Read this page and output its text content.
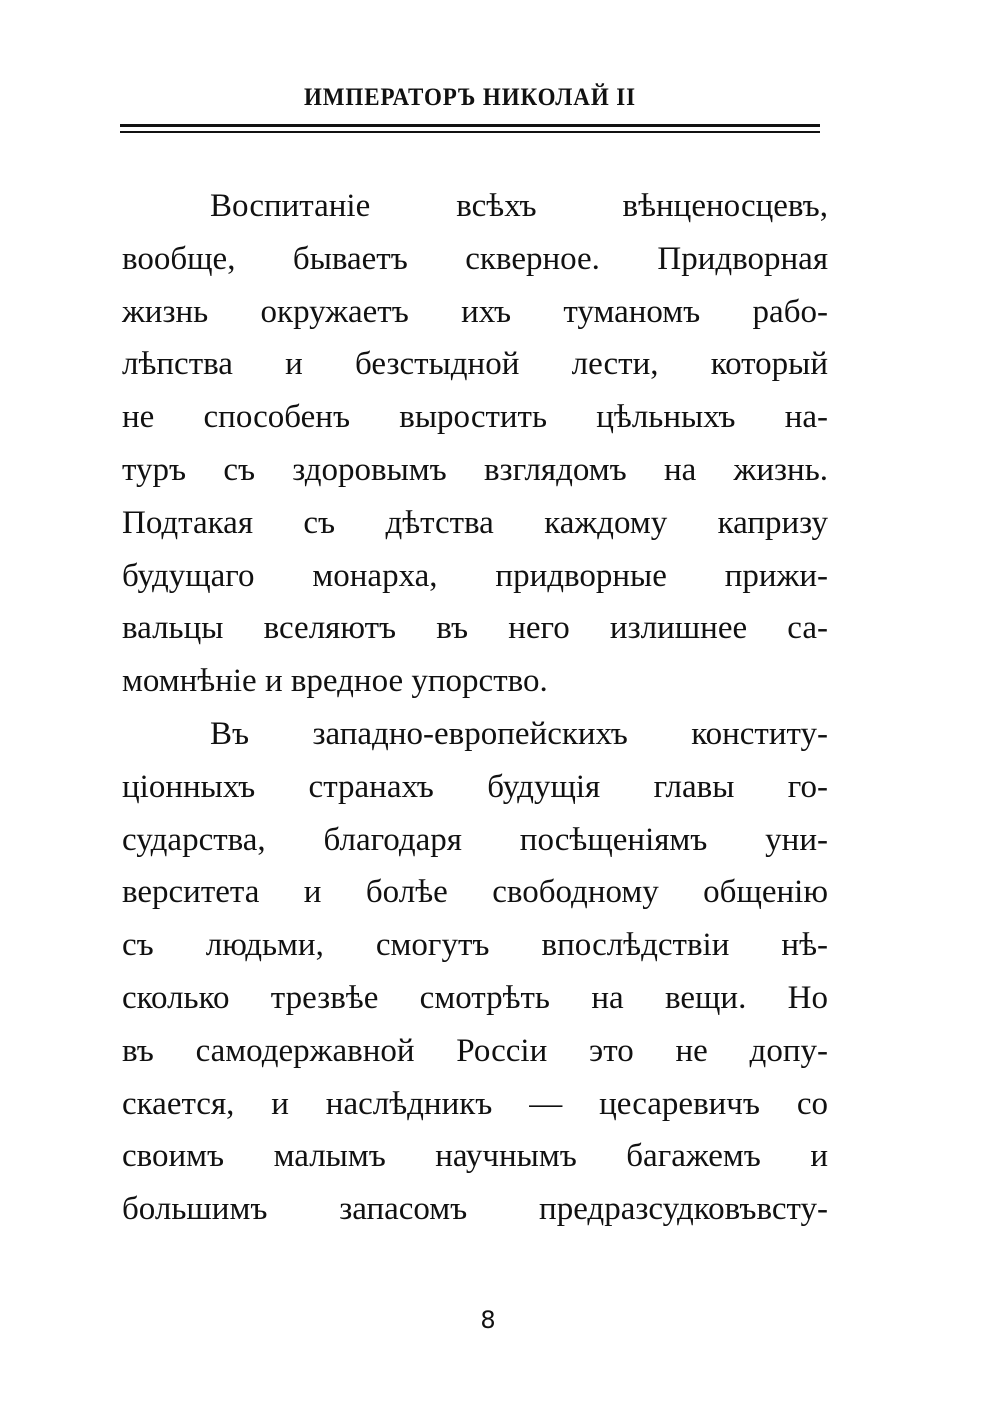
ИМПЕРАТОРЪ НИКОЛАЙ II
Воспитанiе всѣхъ вѣнценосцевъ,
вообще, бываетъ скверное. Придворная
жизнь окружаетъ ихъ туманомъ рабо-
лѣпства и безстыдной лести, который
не способенъ выростить цѣльныхъ на-
туръ съ здоровымъ взглядомъ на жизнь.
Подтакая съ дѣтства каждому капризу
будущаго монарха, придворные прижи-
вальцы вселяютъ въ него излишнее са-
момнѣнiе и вредное упорство.
Въ западно-европейскихъ конститу-
цiонныхъ странахъ будущiя главы го-
сударства, благодаря посѣщенiямъ уни-
верситета и болѣе свободному общенiю
съ людьми, смогутъ впослѣдствiи нѣ-
сколько трезвѣе смотрѣть на вещи. Но
въ самодержавной Россiи это не допу-
скается, и наслѣдникъ — цесаревичъ со
своимъ малымъ научнымъ багажемъ и
большимъ запасомъ предразсудковъвсту-
8
